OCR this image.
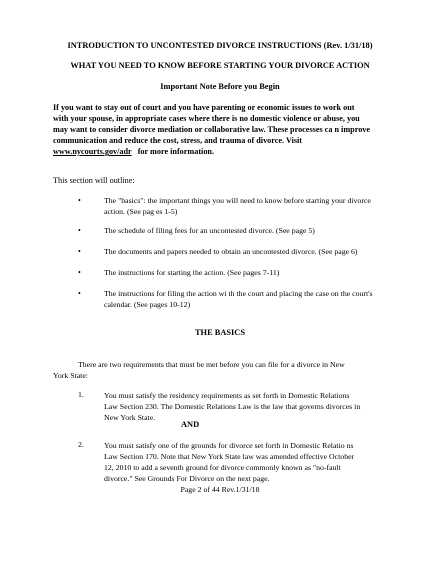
INTRODUCTION TO UNCONTESTED DIVORCE INSTRUCTIONS (Rev. 1/31/18)
WHAT YOU NEED TO KNOW BEFORE STARTING YOUR DIVORCE ACTION
Important Note Before you Begin
If you want to stay out of court and you have parenting or economic issues to work out
with your spouse, in appropriate cases where there is no domestic violence or abuse, you
may want to consider divorce mediation or collaborative law. These processes ca n improve
communication and reduce the cost, stress, and trauma of divorce. Visit
www.nycourts.gov/adr   for more information.
This section will outline:
•	The "basics": the important things you will need to know before starting your divorce
action. (See pag es 1-5)
•	The schedule of filing fees for an uncontested divorce. (See page 5)
•	The documents and papers needed to obtain an uncontested divorce. (See page 6)
•	The instructions for starting the action. (See pages 7-11)
•	The instructions for filing the action wi th the court and placing the case on the court's
calendar. (See pages 10-12)
THE BASICS
There are two requirements that must be met before you can file for a divorce in New
York State:
1.	You must satisfy the residency requirements as set forth in Domestic Relations
Law Section 230. The Domestic Relations Law is the law that governs divorces in
New York State.
AND
2.	You must satisfy one of the grounds for divorce set forth in Domestic Relatio ns
Law Section 170. Note that New York State law was amended effective October
12, 2010 to add a seventh ground for divorce commonly known as "no-fault
divorce." See Grounds For Divorce on the next page.
Page 2 of 44 Rev.1/31/18
